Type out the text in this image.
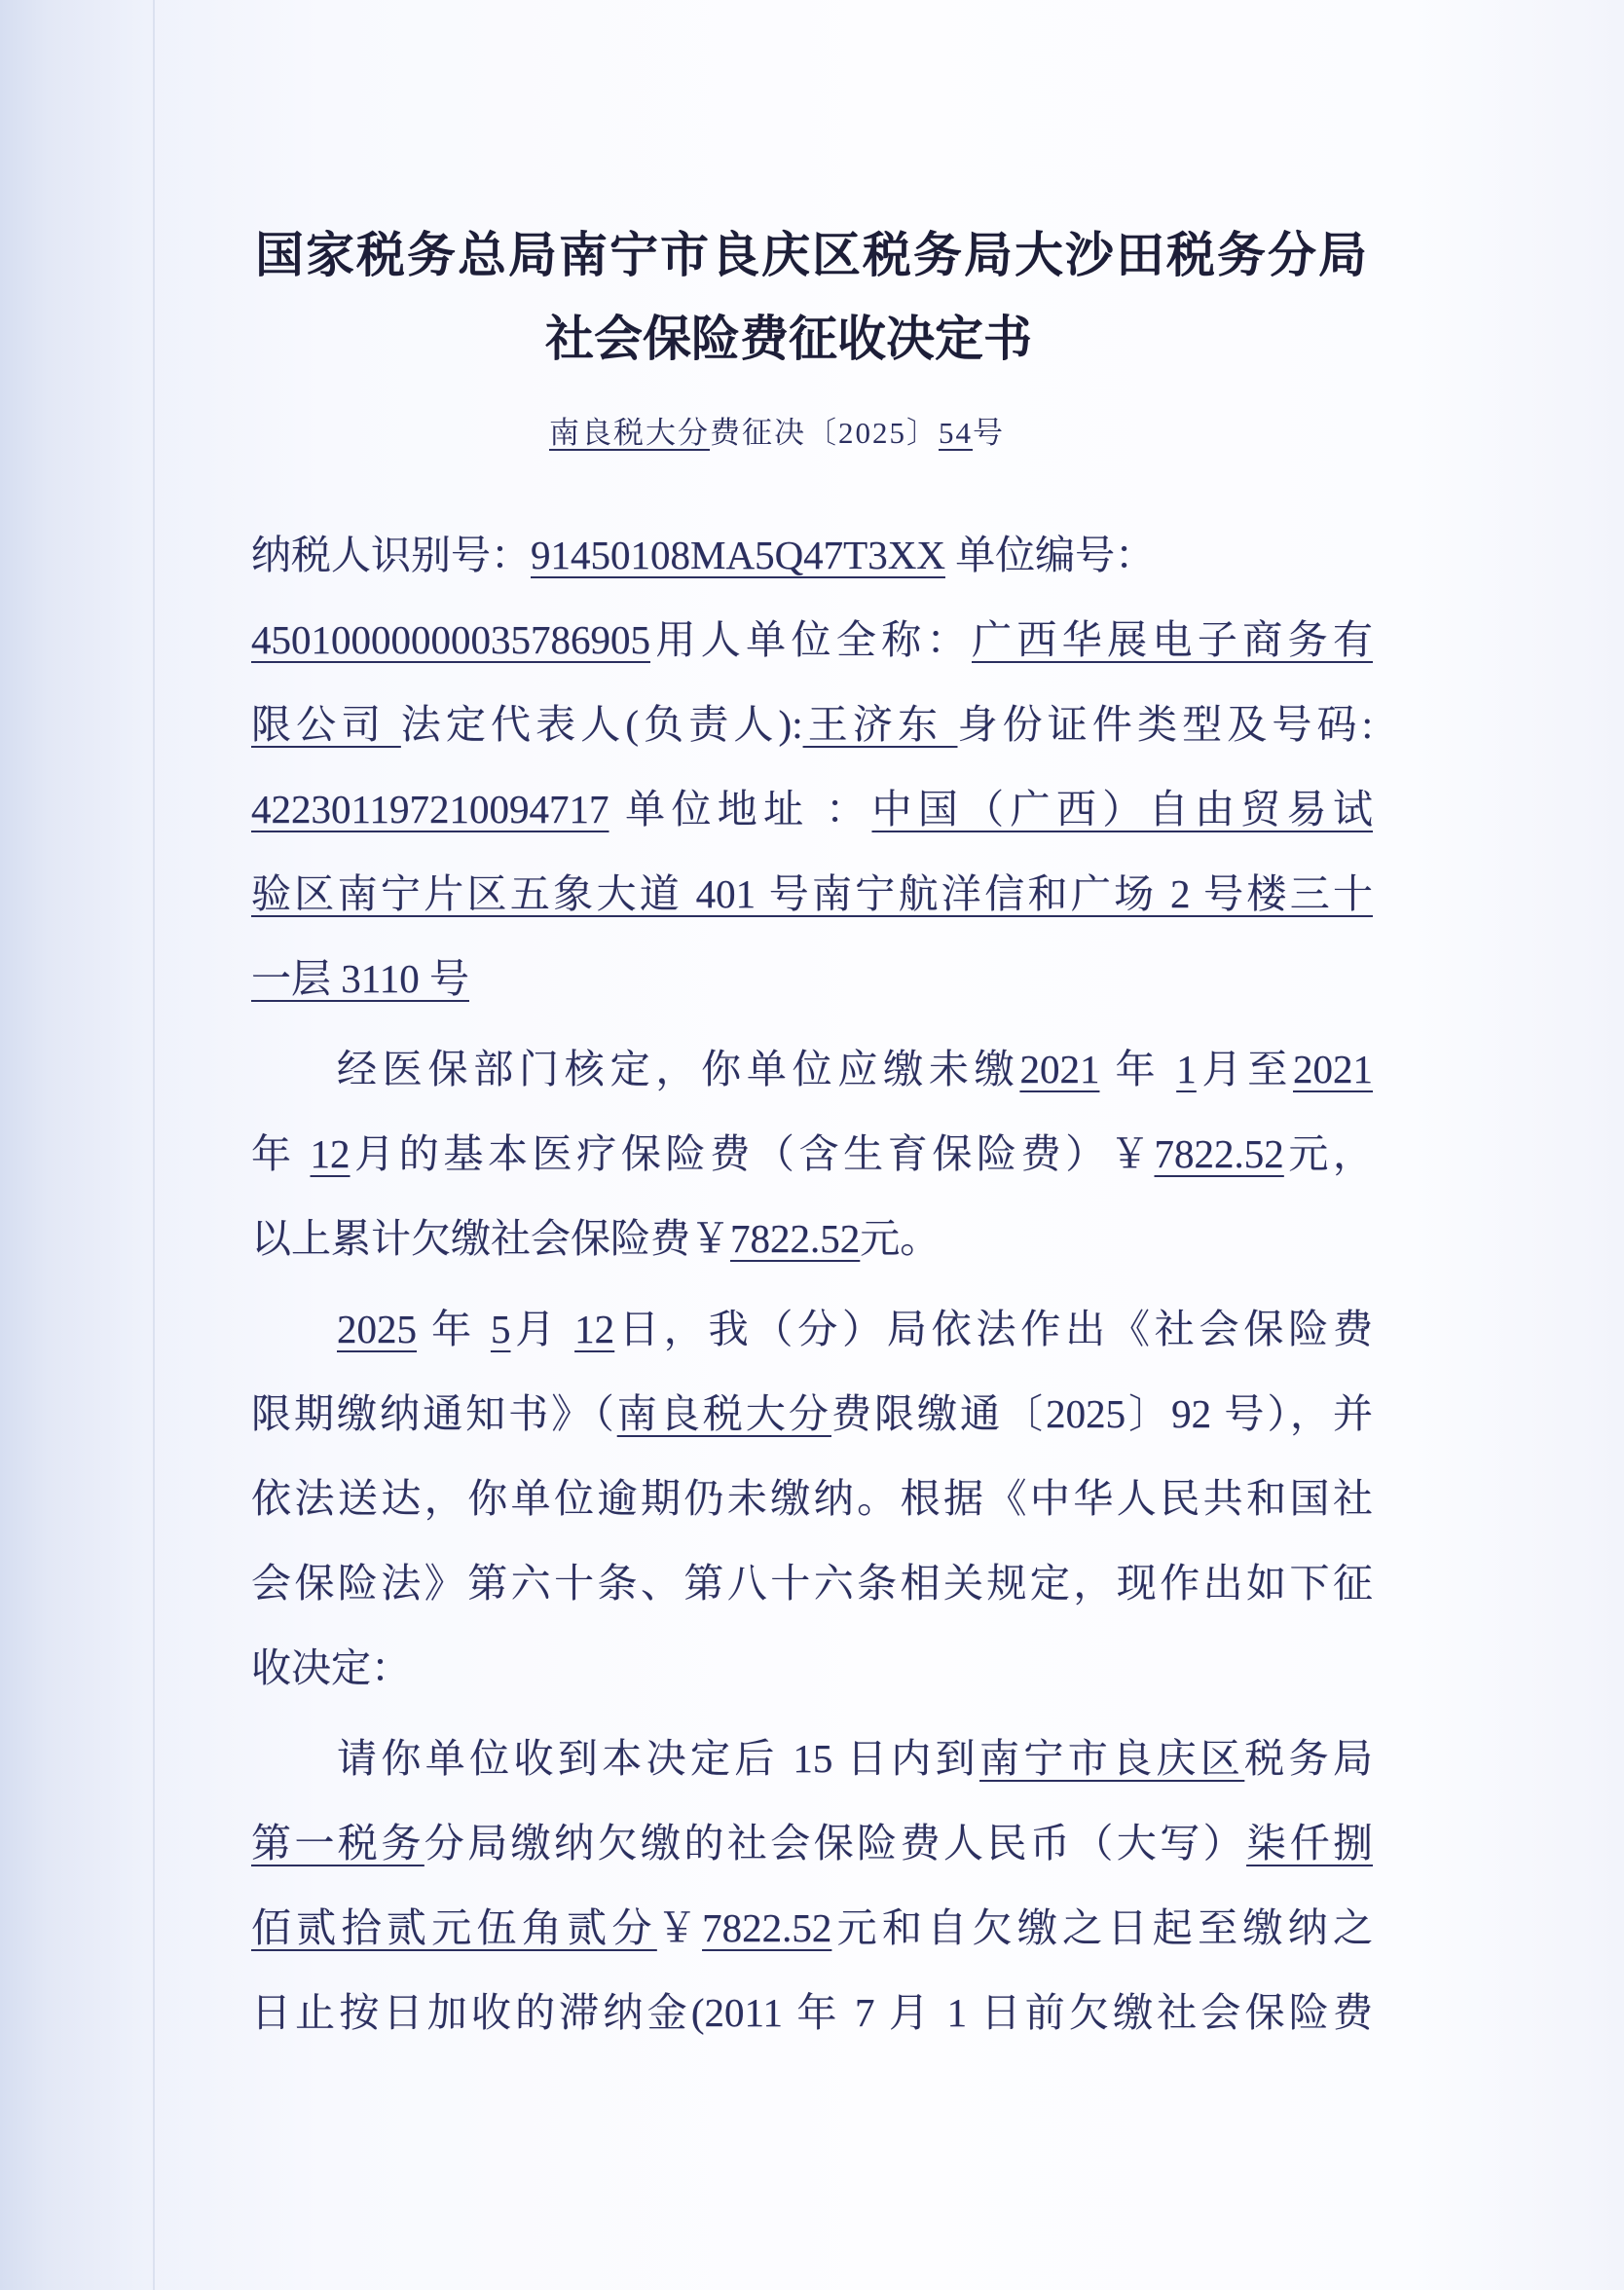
国家税务总局南宁市良庆区税务局大沙田税务分局
社会保险费征收决定书
南良税大分费征决〔2025〕54号
纳税人识别号：91450108MA5Q47T3XX 单位编号：
45010000000035786905用人单位全称：广西华展电子商务有
限公司 法定代表人(负责人):王济东 身份证件类型及号码:
422301197210094717 单位地址 ：中国（广西）自由贸易试
验区南宁片区五象大道 401 号南宁航洋信和广场 2 号楼三十
一层 3110 号
经医保部门核定，你单位应缴未缴2021 年 1月至2021
年 12月的基本医疗保险费（含生育保险费）￥7822.52元，
以上累计欠缴社会保险费￥7822.52元。
2025 年 5月 12日，我（分）局依法作出《社会保险费
限期缴纳通知书》（南良税大分费限缴通〔2025〕92 号），并
依法送达，你单位逾期仍未缴纳。根据《中华人民共和国社
会保险法》第六十条、第八十六条相关规定，现作出如下征
收决定：
请你单位收到本决定后 15 日内到南宁市良庆区税务局
第一税务分局缴纳欠缴的社会保险费人民币（大写）柒仟捌
佰贰拾贰元伍角贰分￥7822.52元和自欠缴之日起至缴纳之
日止按日加收的滞纳金(2011 年 7 月 1 日前欠缴社会保险费
